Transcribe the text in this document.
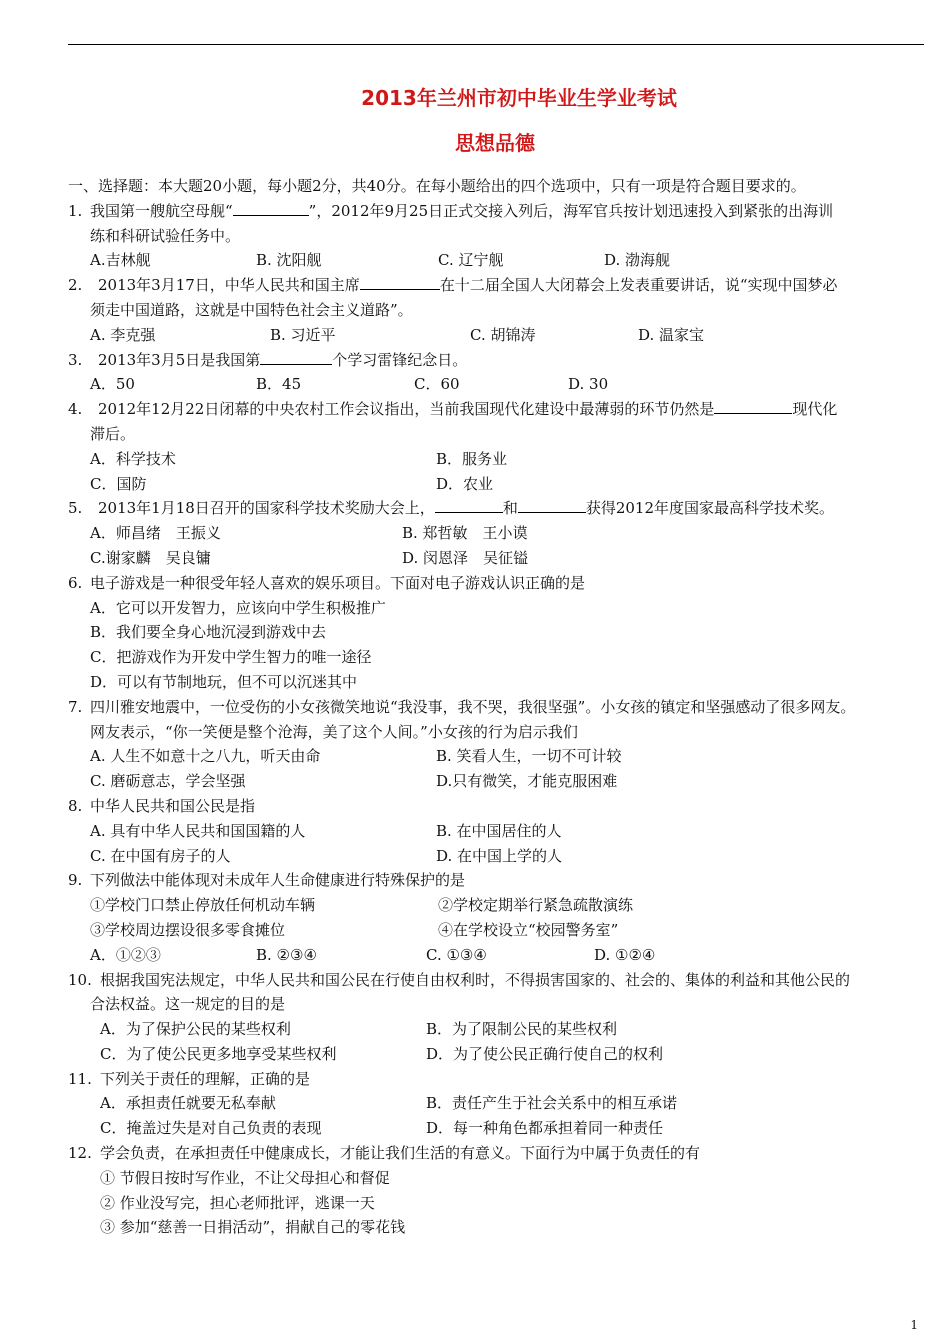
2013年兰州市初中毕业生学业考试
思想品德
一、选择题：本大题20小题，每小题2分，共40分。在每小题给出的四个选项中，只有一项是符合题目要求的。
1. 我国第一艘航空母舰“	”，2012年9月25日正式交接入列后，海军官兵按计划迅速投入到紧张的出海训
练和科研试验任务中。
A.吉林舰	B. 沈阳舰	C. 辽宁舰	D. 渤海舰
2. 2013年3月17日，中华人民共和国主席	在十二届全国人大闭幕会上发表重要讲话，说“实现中国梦必
须走中国道路，这就是中国特色社会主义道路”。
A. 李克强	B. 习近平	C. 胡锦涛	D. 温家宝
3. 2013年3月5日是我国第	个学习雷锋纪念日。
A．50	B．45	C．60	D. 30
4. 2012年12月22日闭幕的中央农村工作会议指出，当前我国现代化建设中最薄弱的环节仍然是	现代化
滞后。
A．科学技术	B．服务业
C．国防	D．农业
5. 2013年1月18日召开的国家科学技术奖励大会上，	和	获得2012年度国家最高科学技术奖。
A．师昌绪　王振义	B. 郑哲敏　王小谟
C.谢家麟　吴良镛	D. 闵恩泽　吴征镒
6. 电子游戏是一种很受年轻人喜欢的娱乐项目。下面对电子游戏认识正确的是
A．它可以开发智力，应该向中学生积极推广
B．我们要全身心地沉浸到游戏中去
C．把游戏作为开发中学生智力的唯一途径
D．可以有节制地玩，但不可以沉迷其中
7. 四川雅安地震中，一位受伤的小女孩微笑地说“我没事，我不哭，我很坚强”。小女孩的镇定和坚强感动了很多网友。
网友表示，“你一笑便是整个沧海，美了这个人间。”小女孩的行为启示我们
A. 人生不如意十之八九，听天由命	B. 笑看人生，一切不可计较
C. 磨砺意志，学会坚强	D.只有微笑，才能克服困难
8. 中华人民共和国公民是指
A. 具有中华人民共和国国籍的人	B. 在中国居住的人
C. 在中国有房子的人	D. 在中国上学的人
9. 下列做法中能体现对未成年人生命健康进行特殊保护的是
①学校门口禁止停放任何机动车辆	②学校定期举行紧急疏散演练
③学校周边摆设很多零食摊位	④在学校设立“校园警务室”
A．①②③	B. ②③④	C. ①③④	D. ①②④
10. 根据我国宪法规定，中华人民共和国公民在行使自由权利时，不得损害国家的、社会的、集体的利益和其他公民的
合法权益。这一规定的目的是
A．为了保护公民的某些权利	B．为了限制公民的某些权利
C．为了使公民更多地享受某些权利	D．为了使公民正确行使自己的权利
11. 下列关于责任的理解，正确的是
A．承担责任就要无私奉献	B．责任产生于社会关系中的相互承诺
C．掩盖过失是对自己负责的表现	D．每一种角色都承担着同一种责任
12. 学会负责，在承担责任中健康成长，才能让我们生活的有意义。下面行为中属于负责任的有
① 节假日按时写作业，不让父母担心和督促
② 作业没写完，担心老师批评，逃课一天
③ 参加“慈善一日捐活动”，捐献自己的零花钱
1
